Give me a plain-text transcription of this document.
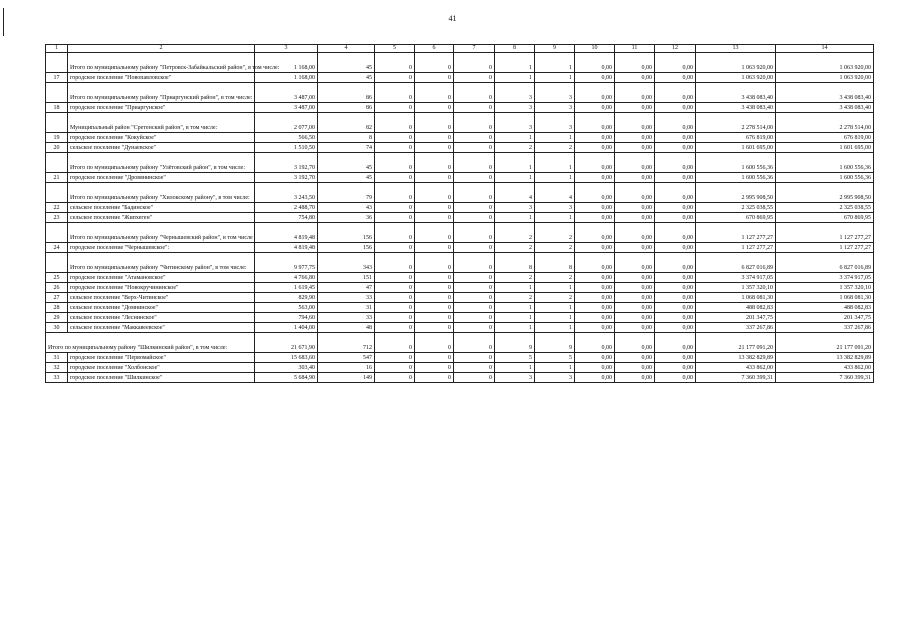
41
1	2	3	4	5	6	7	8	9	10	11	12	13	14
	Итого по муниципальному району "Петровск-Забайкальский район", в том числе:	1 168,00	45	0	0	0	1	1	0,00	0,00	0,00	1 063 920,00	1 063 920,00
17	городское поселение "Новопавловское"	1 168,00	45	0	0	0	1	1	0,00	0,00	0,00	1 063 920,00	1 063 920,00
	Итого по муниципальному району "Приаргунский район", в том числе:	3 487,00	86	0	0	0	3	3	0,00	0,00	0,00	3 438 083,40	3 438 083,40
18	городское поселение "Приаргунское"	3 487,00	86	0	0	0	3	3	0,00	0,00	0,00	3 438 083,40	3 438 083,40
	Муниципальный район "Сретенский район", в том числе:	2 077,00	82	0	0	0	3	3	0,00	0,00	0,00	2 278 514,00	2 278 514,00
19	городское поселение "Кокуйское"	566,50	8	0	0	0	1	1	0,00	0,00	0,00	676 819,00	676 819,00
20	сельское поселение "Дунаевское"	1 510,50	74	0	0	0	2	2	0,00	0,00	0,00	1 601 695,00	1 601 695,00
	Итого по муниципальному району "Улётовский район", в том числе:	3 192,70	45	0	0	0	1	1	0,00	0,00	0,00	1 600 556,36	1 600 556,36
21	городское поселение "Дровянинское"	3 192,70	45	0	0	0	1	1	0,00	0,00	0,00	1 600 556,36	1 600 556,36
	Итого по муниципальному району "Хилокскому району", в том числе:	3 243,50	79	0	0	0	4	4	0,00	0,00	0,00	2 995 908,50	2 995 908,50
22	сельское поселение "Бадинское"	2 488,70	43	0	0	0	3	3	0,00	0,00	0,00	2 325 038,55	2 325 038,55
23	сельское поселение "Жипхеген"	754,80	36	0	0	0	1	1	0,00	0,00	0,00	670 869,95	670 869,95
	Итого по муниципальному району "Чернышевский район", в том числе	4 819,48	156	0	0	0	2	2	0,00	0,00	0,00	1 127 277,27	1 127 277,27
24	городское поселение "Чернышевское":	4 819,48	156	0	0	0	2	2	0,00	0,00	0,00	1 127 277,27	1 127 277,27
	Итого по муниципальному району "Читинскому район", в том числе:	9 977,75	343	0	0	0	8	8	0,00	0,00	0,00	6 827 016,89	6 827 016,89
25	городское поселение "Атамановское"	4 766,80	151	0	0	0	2	2	0,00	0,00	0,00	3 374 917,05	3 374 917,05
26	городское поселение "Новокручининское"	1 619,45	47	0	0	0	1	1	0,00	0,00	0,00	1 357 320,10	1 357 320,10
27	сельское поселение "Верх-Читинское"	829,90	33	0	0	0	2	2	0,00	0,00	0,00	1 068 081,30	1 068 081,30
28	сельское поселение "Домнинское"	563,00	31	0	0	0	1	1	0,00	0,00	0,00	488 082,83	488 082,83
29	сельское поселение "Леснинское"	794,60	33	0	0	0	1	1	0,00	0,00	0,00	201 347,75	201 347,75
30	сельское поселение "Маккавеевское"	1 404,00	48	0	0	0	1	1	0,00	0,00	0,00	337 267,86	337 267,86
Итого по муниципальному району "Шилкинский район", в том числе:		21 671,90	712	0	0	0	9	9	0,00	0,00	0,00	21 177 091,20	21 177 091,20
31	городское поселение "Первомайское"	15 683,60	547	0	0	0	5	5	0,00	0,00	0,00	13 382 829,89	13 382 829,89
32	городское поселение "Холбонское"	303,40	16	0	0	0	1	1	0,00	0,00	0,00	433 862,00	433 862,00
33	городское поселение "Шилкинское"	5 684,90	149	0	0	0	3	3	0,00	0,00	0,00	7 360 399,31	7 360 399,31
